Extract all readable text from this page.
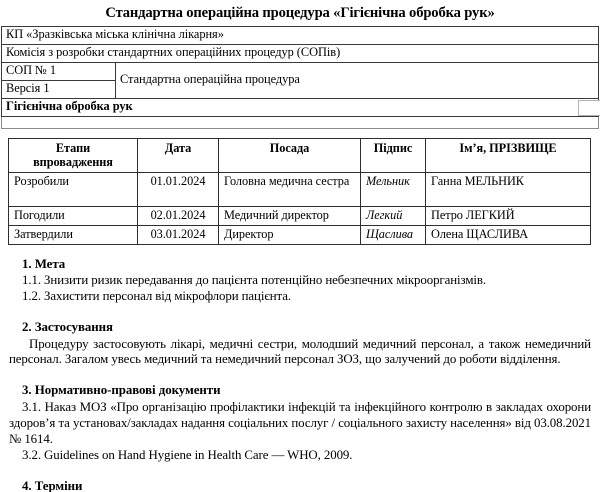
Стандартна операційна процедура «Гігієнічна обробка рук»
КП «Зразківська міська клінічна лікарня»
Комісія з розробки стандартних операційних процедур (СОПів)
СОП № 1	Стандартна операційна процедура
Версія 1
Гігієнічна обробка рук

Етапи
впровадження	Дата	Посада	Підпис	Ім’я, ПРІЗВИЩЕ
Розробили	01.01.2024	Головна медична сестра	Мельник	Ганна МЕЛЬНИК
Погодили	02.01.2024	Медичний директор	Легкий	Петро ЛЕГКИЙ
Затвердили	03.01.2024	Директор	Щаслива	Олена ЩАСЛИВА
1. Мета

1.1. Знизити ризик передавання до пацієнта потенційно небезпечних мікроорганізмів.

1.2. Захистити персонал від мікрофлори пацієнта.

2. Застосування

Процедуру застосовують лікарі, медичні сестри, молодший медичний персонал, а також немедичний персонал. Загалом увесь медичний та немедичний персонал ЗОЗ, що залучений до роботи відділення.

3. Нормативно-правові документи

3.1. Наказ МОЗ «Про організацію профілактики інфекцій та інфекційного контролю в закладах охорони здоров’я та установах/закладах надання соціальних послуг / соціального захисту населення» від 03.08.2021 № 1614.

3.2. Guidelines on Hand Hygiene in Health Care — WHO, 2009.

4. Терміни
